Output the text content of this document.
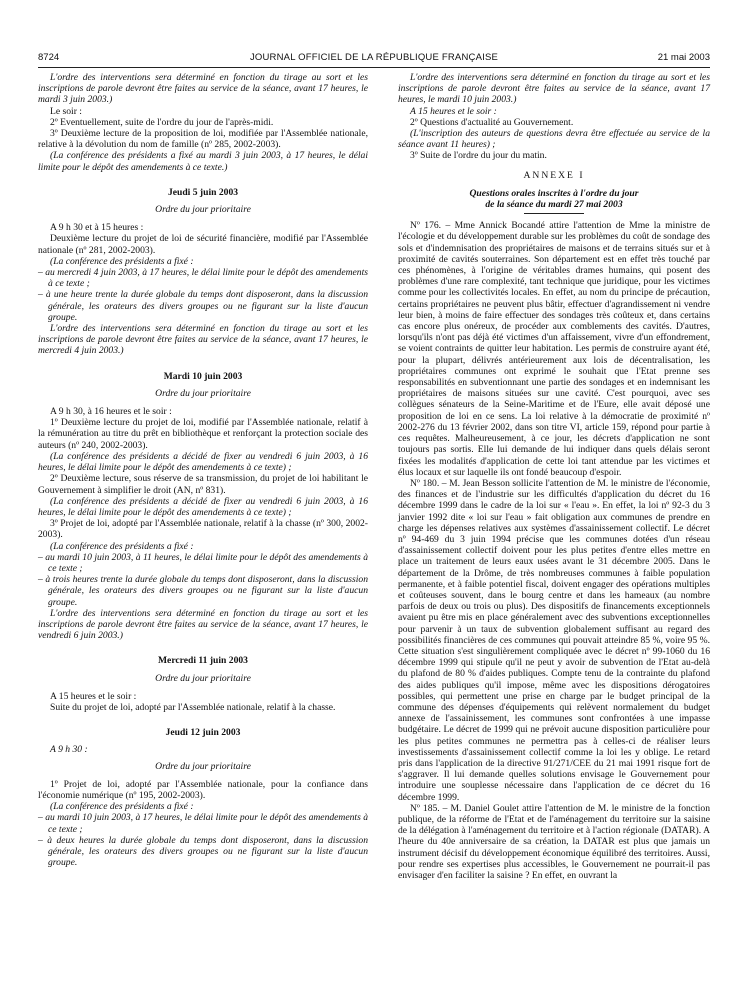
8724	JOURNAL OFFICIEL DE LA RÉPUBLIQUE FRANÇAISE	21 mai 2003

L'ordre des interventions sera déterminé en fonction du tirage au sort et les inscriptions de parole devront être faites au service de la séance, avant 17 heures, le mardi 3 juin 2003.)

Le soir :

2º Eventuellement, suite de l'ordre du jour de l'après-midi.

3º Deuxième lecture de la proposition de loi, modifiée par l'Assemblée nationale, relative à la dévolution du nom de famille (nº 285, 2002-2003).

(La conférence des présidents a fixé au mardi 3 juin 2003, à 17 heures, le délai limite pour le dépôt des amendements à ce texte.)

Jeudi 5 juin 2003

Ordre du jour prioritaire

A 9 h 30 et à 15 heures :

Deuxième lecture du projet de loi de sécurité financière, modifié par l'Assemblée nationale (nº 281, 2002-2003).

(La conférence des présidents a fixé :

– au mercredi 4 juin 2003, à 17 heures, le délai limite pour le dépôt des amendements à ce texte ;

– à une heure trente la durée globale du temps dont disposeront, dans la discussion générale, les orateurs des divers groupes ou ne figurant sur la liste d'aucun groupe.

L'ordre des interventions sera déterminé en fonction du tirage au sort et les inscriptions de parole devront être faites au service de la séance, avant 17 heures, le mercredi 4 juin 2003.)

Mardi 10 juin 2003

Ordre du jour prioritaire

A 9 h 30, à 16 heures et le soir :

1º Deuxième lecture du projet de loi, modifié par l'Assemblée nationale, relatif à la rémunération au titre du prêt en bibliothèque et renforçant la protection sociale des auteurs (nº 240, 2002-2003).

(La conférence des présidents a décidé de fixer au vendredi 6 juin 2003, à 16 heures, le délai limite pour le dépôt des amendements à ce texte) ;

2º Deuxième lecture, sous réserve de sa transmission, du projet de loi habilitant le Gouvernement à simplifier le droit (AN, nº 831).

(La conférence des présidents a décidé de fixer au vendredi 6 juin 2003, à 16 heures, le délai limite pour le dépôt des amendements à ce texte) ;

3º Projet de loi, adopté par l'Assemblée nationale, relatif à la chasse (nº 300, 2002-2003).

(La conférence des présidents a fixé :

– au mardi 10 juin 2003, à 11 heures, le délai limite pour le dépôt des amendements à ce texte ;

– à trois heures trente la durée globale du temps dont disposeront, dans la discussion générale, les orateurs des divers groupes ou ne figurant sur la liste d'aucun groupe.

L'ordre des interventions sera déterminé en fonction du tirage au sort et les inscriptions de parole devront être faites au service de la séance, avant 17 heures, le vendredi 6 juin 2003.)

Mercredi 11 juin 2003

Ordre du jour prioritaire

A 15 heures et le soir :

Suite du projet de loi, adopté par l'Assemblée nationale, relatif à la chasse.

Jeudi 12 juin 2003

A 9 h 30 :

Ordre du jour prioritaire

1º Projet de loi, adopté par l'Assemblée nationale, pour la confiance dans l'économie numérique (nº 195, 2002-2003).

(La conférence des présidents a fixé :

– au mardi 10 juin 2003, à 17 heures, le délai limite pour le dépôt des amendements à ce texte ;

– à deux heures la durée globale du temps dont disposeront, dans la discussion générale, les orateurs des divers groupes ou ne figurant sur la liste d'aucun groupe.

L'ordre des interventions sera déterminé en fonction du tirage au sort et les inscriptions de parole devront être faites au service de la séance, avant 17 heures, le mardi 10 juin 2003.)

A 15 heures et le soir :

2º Questions d'actualité au Gouvernement.

(L'inscription des auteurs de questions devra être effectuée au service de la séance avant 11 heures) ;

3º Suite de l'ordre du jour du matin.

ANNEXE I

Questions orales inscrites à l'ordre du jour

de la séance du mardi 27 mai 2003

Nº 176. – Mme Annick Bocandé attire l'attention de Mme la ministre de l'écologie et du développement durable sur les problèmes du coût de sondage des sols et d'indemnisation des propriétaires de maisons et de terrains situés sur et à proximité de cavités souterraines. Son département est en effet très touché par ces phénomènes, à l'origine de véritables drames humains, qui posent des problèmes d'une rare complexité, tant technique que juridique, pour les victimes comme pour les collectivités locales. En effet, au nom du principe de précaution, certains propriétaires ne peuvent plus bâtir, effectuer d'agrandissement ni vendre leur bien, à moins de faire effectuer des sondages très coûteux et, dans certains cas encore plus onéreux, de procéder aux comblements des cavités. D'autres, lorsqu'ils n'ont pas déjà été victimes d'un affaissement, vivre d'un effondrement, se voient contraints de quitter leur habitation. Les permis de construire ayant été, pour la plupart, délivrés antérieurement aux lois de décentralisation, les propriétaires communes ont exprimé le souhait que l'Etat prenne ses responsabilités en subventionnant une partie des sondages et en indemnisant les propriétaires de maisons situées sur une cavité. C'est pourquoi, avec ses collègues sénateurs de la Seine-Maritime et de l'Eure, elle avait déposé une proposition de loi en ce sens. La loi relative à la démocratie de proximité nº 2002-276 du 13 février 2002, dans son titre VI, article 159, répond pour partie à ces requêtes. Malheureusement, à ce jour, les décrets d'application ne sont toujours pas sortis. Elle lui demande de lui indiquer dans quels délais seront fixées les modalités d'application de cette loi tant attendue par les victimes et élus locaux et sur laquelle ils ont fondé beaucoup d'espoir.

Nº 180. – M. Jean Besson sollicite l'attention de M. le ministre de l'économie, des finances et de l'industrie sur les difficultés d'application du décret du 16 décembre 1999 dans le cadre de la loi sur « l'eau ». En effet, la loi nº 92-3 du 3 janvier 1992 dite « loi sur l'eau » fait obligation aux communes de prendre en charge les dépenses relatives aux systèmes d'assainissement collectif. Le décret nº 94-469 du 3 juin 1994 précise que les communes dotées d'un réseau d'assainissement collectif doivent pour les plus petites d'entre elles mettre en place un traitement de leurs eaux usées avant le 31 décembre 2005. Dans le département de la Drôme, de très nombreuses communes à faible population permanente, et à faible potentiel fiscal, doivent engager des opérations multiples et coûteuses souvent, dans le bourg centre et dans les hameaux (au nombre parfois de deux ou trois ou plus). Des dispositifs de financements exceptionnels avaient pu être mis en place généralement avec des subventions exceptionnelles pour parvenir à un taux de subvention globalement suffisant au regard des possibilités financières de ces communes qui pouvait atteindre 85 %, voire 95 %. Cette situation s'est singulièrement compliquée avec le décret nº 99-1060 du 16 décembre 1999 qui stipule qu'il ne peut y avoir de subvention de l'Etat au-delà du plafond de 80 % d'aides publiques. Compte tenu de la contrainte du plafond des aides publiques qu'il impose, même avec les dispositions dérogatoires possibles, qui permettent une prise en charge par le budget principal de la commune des dépenses d'équipements qui relèvent normalement du budget annexe de l'assainissement, les communes sont confrontées à une impasse budgétaire. Le décret de 1999 qui ne prévoit aucune disposition particulière pour les plus petites communes ne permettra pas à celles-ci de réaliser leurs investissements d'assainissement collectif comme la loi les y oblige. Le retard pris dans l'application de la directive 91/271/CEE du 21 mai 1991 risque fort de s'aggraver. Il lui demande quelles solutions envisage le Gouvernement pour introduire une souplesse nécessaire dans l'application de ce décret du 16 décembre 1999.

Nº 185. – M. Daniel Goulet attire l'attention de M. le ministre de la fonction publique, de la réforme de l'Etat et de l'aménagement du territoire sur la saisine de la délégation à l'aménagement du territoire et à l'action régionale (DATAR). A l'heure du 40e anniversaire de sa création, la DATAR est plus que jamais un instrument décisif du développement économique équilibré des territoires. Aussi, pour rendre ses expertises plus accessibles, le Gouvernement ne pourrait-il pas envisager d'en faciliter la saisine ? En effet, en ouvrant la
